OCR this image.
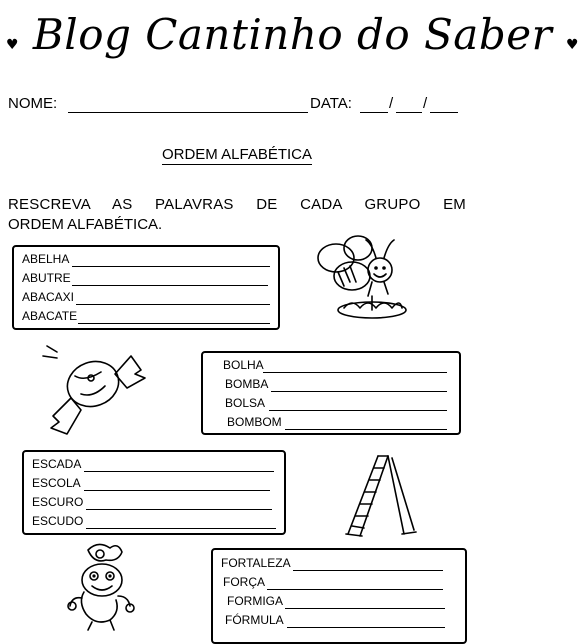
♥ Blog Cantinho do Saber ♥
NOME:	DATA: / /
ORDEM ALFABÉTICA
RESCREVA AS PALAVRAS DE CADA GRUPO EM
ORDEM ALFABÉTICA.
ABELHA
ABUTRE
ABACAXI
ABACATE
BOLHA
BOMBA
BOLSA
BOMBOM
ESCADA
ESCOLA
ESCURO
ESCUDO
FORTALEZA
FORÇA
FORMIGA
FÓRMULA
